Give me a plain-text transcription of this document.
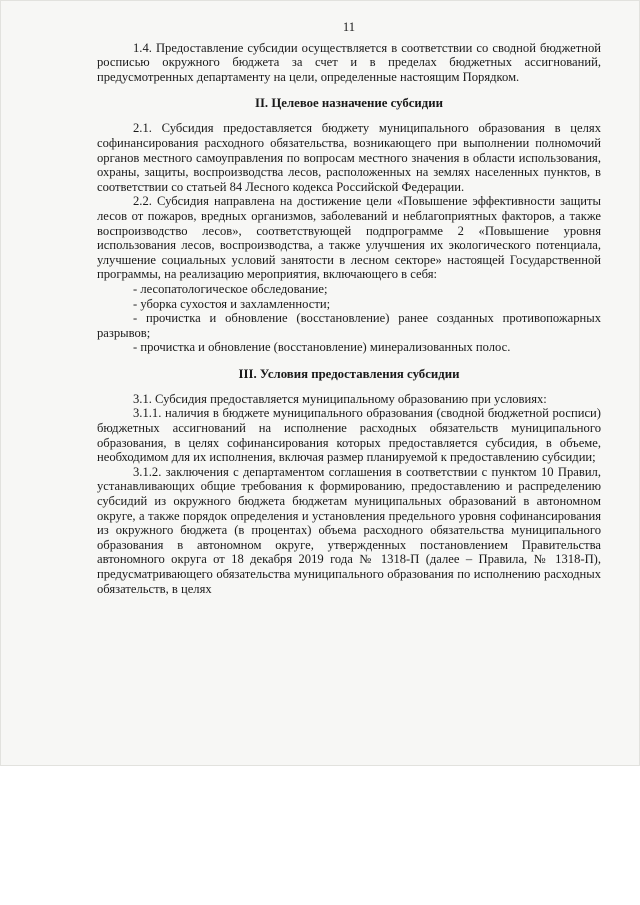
11

1.4. Предоставление субсидии осуществляется в соответствии со сводной бюджетной росписью окружного бюджета за счет и в пределах бюджетных ассигнований, предусмотренных департаменту на цели, определенные настоящим Порядком.

II. Целевое назначение субсидии

2.1. Субсидия предоставляется бюджету муниципального образования в целях софинансирования расходного обязательства, возникающего при выполнении полномочий органов местного самоуправления по вопросам местного значения в области использования, охраны, защиты, воспроизводства лесов, расположенных на землях населенных пунктов, в соответствии со статьей 84 Лесного кодекса Российской Федерации.

2.2. Субсидия направлена на достижение цели «Повышение эффективности защиты лесов от пожаров, вредных организмов, заболеваний и неблагоприятных факторов, а также воспроизводство лесов», соответствующей подпрограмме 2 «Повышение уровня использования лесов, воспроизводства, а также улучшения их экологического потенциала, улучшение социальных условий занятости в лесном секторе» настоящей Государственной программы, на реализацию мероприятия, включающего в себя:

- лесопатологическое обследование;

- уборка сухостоя и захламленности;

- прочистка и обновление (восстановление) ранее созданных противопожарных разрывов;

- прочистка и обновление (восстановление) минерализованных полос.

III. Условия предоставления субсидии

3.1. Субсидия предоставляется муниципальному образованию при условиях:

3.1.1. наличия в бюджете муниципального образования (сводной бюджетной росписи) бюджетных ассигнований на исполнение расходных обязательств муниципального образования, в целях софинансирования которых предоставляется субсидия, в объеме, необходимом для их исполнения, включая размер планируемой к предоставлению субсидии;

3.1.2. заключения с департаментом соглашения в соответствии с пунктом 10 Правил, устанавливающих общие требования к формированию, предоставлению и распределению субсидий из окружного бюджета бюджетам муниципальных образований в автономном округе, а также порядок определения и установления предельного уровня софинансирования из окружного бюджета (в процентах) объема расходного обязательства муниципального образования в автономном округе, утвержденных постановлением Правительства автономного округа от 18 декабря 2019 года № 1318-П (далее – Правила, № 1318-П), предусматривающего обязательства муниципального образования по исполнению расходных обязательств, в целях
